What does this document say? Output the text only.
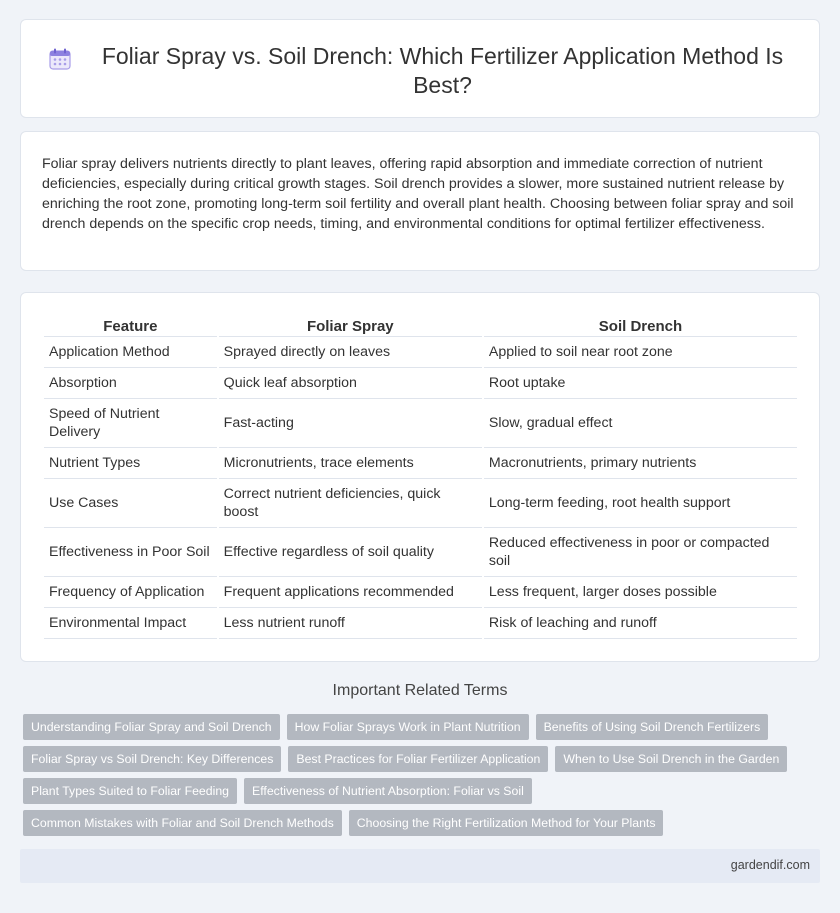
Foliar Spray vs. Soil Drench: Which Fertilizer Application Method Is Best?

Foliar spray delivers nutrients directly to plant leaves, offering rapid absorption and immediate correction of nutrient deficiencies, especially during critical growth stages. Soil drench provides a slower, more sustained nutrient release by enriching the root zone, promoting long-term soil fertility and overall plant health. Choosing between foliar spray and soil drench depends on the specific crop needs, timing, and environmental conditions for optimal fertilizer effectiveness.

Feature	Foliar Spray	Soil Drench
Application Method	Sprayed directly on leaves	Applied to soil near root zone
Absorption	Quick leaf absorption	Root uptake
Speed of Nutrient Delivery	Fast-acting	Slow, gradual effect
Nutrient Types	Micronutrients, trace elements	Macronutrients, primary nutrients
Use Cases	Correct nutrient deficiencies, quick boost	Long-term feeding, root health support
Effectiveness in Poor Soil	Effective regardless of soil quality	Reduced effectiveness in poor or compacted soil
Frequency of Application	Frequent applications recommended	Less frequent, larger doses possible
Environmental Impact	Less nutrient runoff	Risk of leaching and runoff
Important Related Terms
Understanding Foliar Spray and Soil Drench	How Foliar Sprays Work in Plant Nutrition	Benefits of Using Soil Drench Fertilizers
Foliar Spray vs Soil Drench: Key Differences	Best Practices for Foliar Fertilizer Application	When to Use Soil Drench in the Garden
Plant Types Suited to Foliar Feeding	Effectiveness of Nutrient Absorption: Foliar vs Soil
Common Mistakes with Foliar and Soil Drench Methods	Choosing the Right Fertilization Method for Your Plants
gardendif.com
